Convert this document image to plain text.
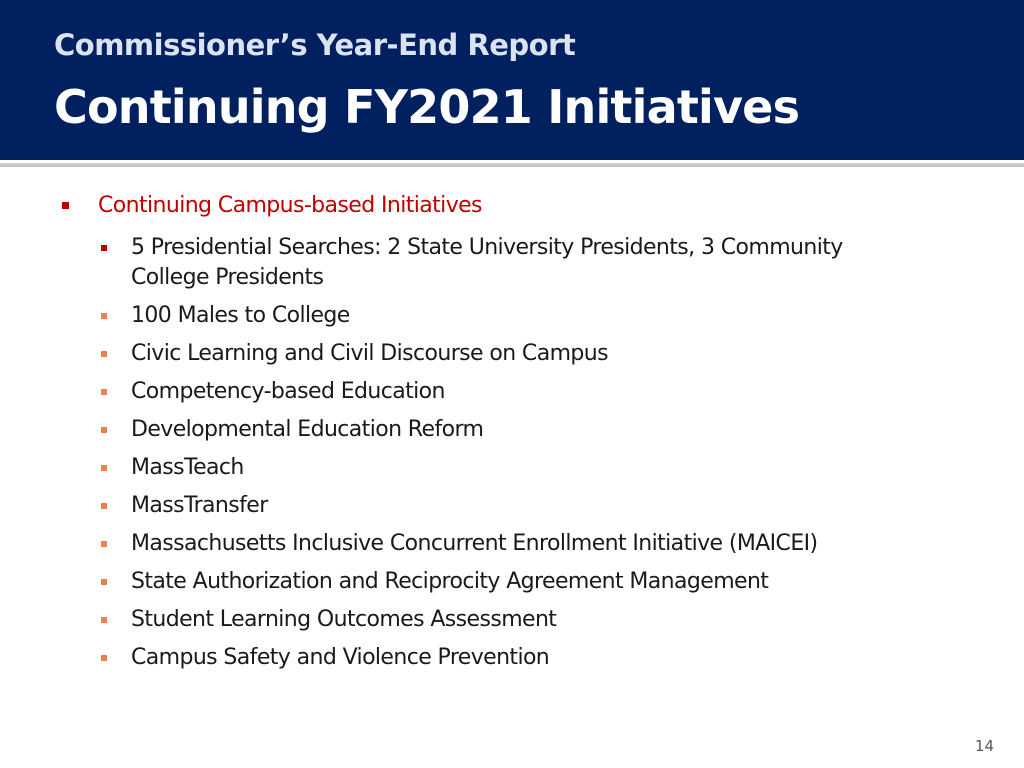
Commissioner’s Year-End Report
Continuing FY2021 Initiatives
Continuing Campus-based Initiatives
5 Presidential Searches: 2 State University Presidents, 3 Community College Presidents
100 Males to College
Civic Learning and Civil Discourse on Campus
Competency-based Education
Developmental Education Reform
MassTeach
MassTransfer
Massachusetts Inclusive Concurrent Enrollment Initiative (MAICEI)
State Authorization and Reciprocity Agreement Management
Student Learning Outcomes Assessment
Campus Safety and Violence Prevention
14
